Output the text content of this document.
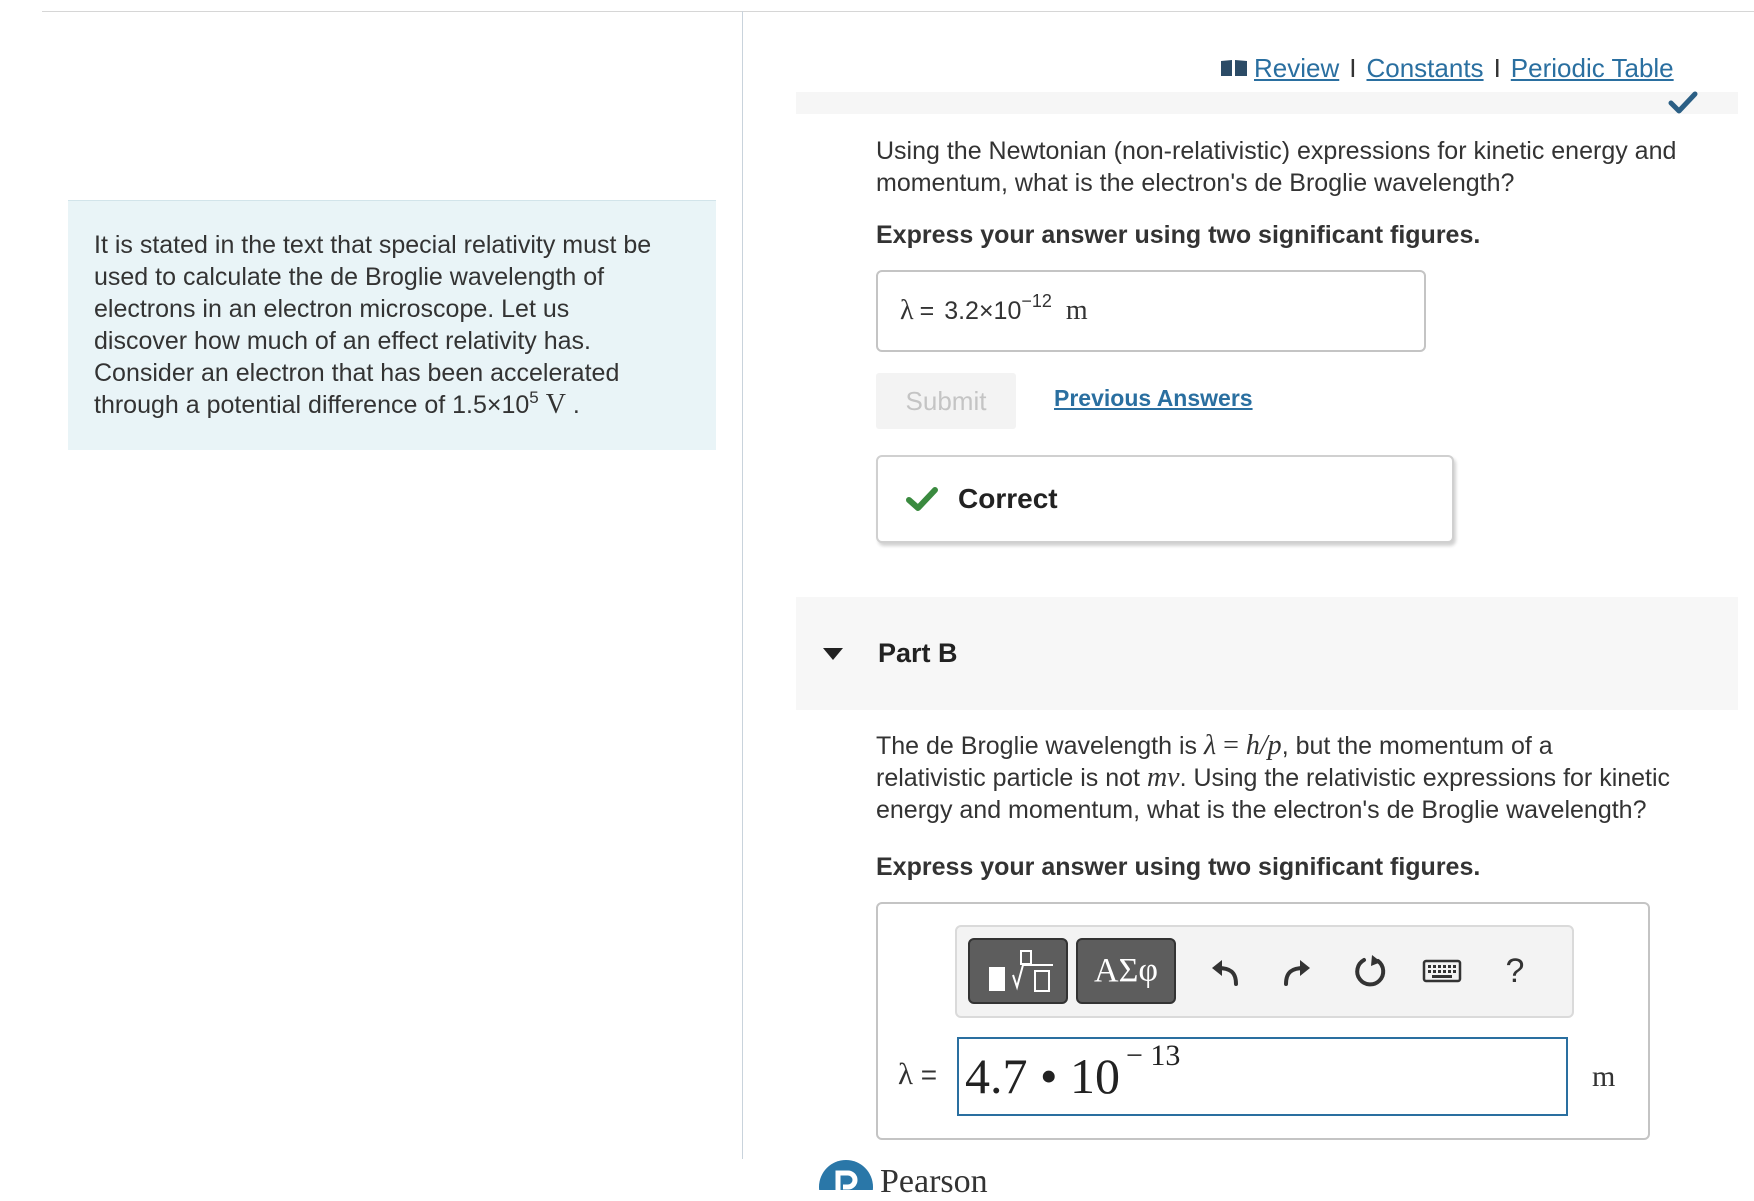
It is stated in the text that special relativity must be
used to calculate the de Broglie wavelength of
electrons in an electron microscope. Let us
discover how much of an effect relativity has.
Consider an electron that has been accelerated
through a potential difference of $1.5\times 10^5$ V .
Review I Constants I Periodic Table
Using the Newtonian (non-relativistic) expressions for kinetic energy and
momentum, what is the electron's de Broglie wavelength?
Express your answer using two significant figures.
λ = 3.2×10 −12 m
Submit	Previous Answers
Correct
Part B
The de Broglie wavelength is λ = h/p, but the momentum of a
relativistic particle is not mv. Using the relativistic expressions for kinetic
energy and momentum, what is the electron's de Broglie wavelength?
Express your answer using two significant figures.
ΑΣφ	?
λ = 4.7 • 10 $^{- 13}$
m
Pearson
